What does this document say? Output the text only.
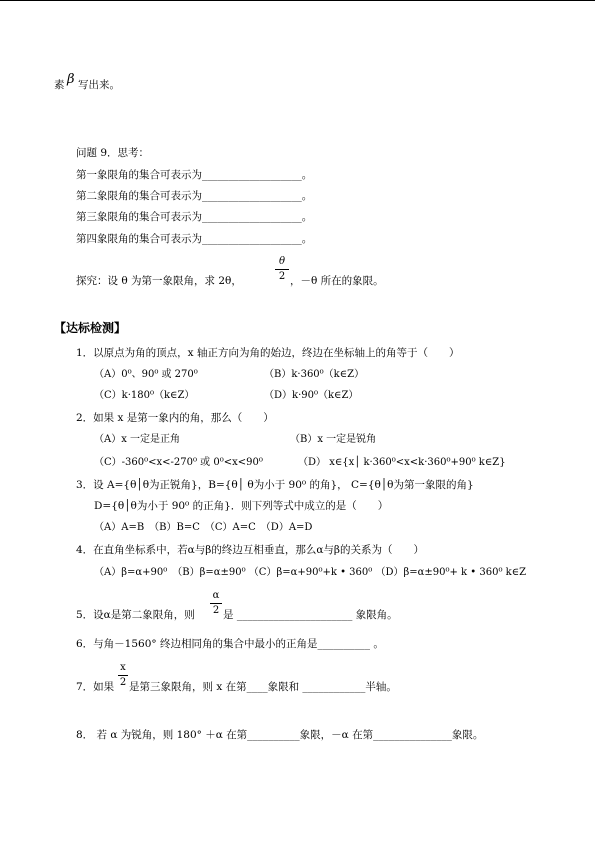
素 β 写出来。
问题 9．思考：
第一象限角的集合可表示为___________________。
第二象限角的集合可表示为___________________。
第三象限角的集合可表示为___________________。
第四象限角的集合可表示为___________________。
探究：设 θ 为第一象限角，求 2θ，
θ
2 ，－θ 所在的象限。
【达标检测】
1．以原点为角的顶点，x 轴正方向为角的始边，终边在坐标轴上的角等于（　　）
（A）0⁰、90⁰ 或 270⁰	（B）k·360⁰（k∈Z）
（C）k·180⁰（k∈Z）	（D）k·90⁰（k∈Z）
2．如果 x 是第一象内的角，那么（　　）
（A）x 一定是正角	（B）x 一定是锐角
（C）-360⁰<x<-270⁰ 或 0⁰<x<90⁰	（D） x∈{x│ k·360⁰<x<k·360⁰+90⁰ k∈Z}
3．设 A={θ│θ为正锐角}，B={θ│ θ为小于 90⁰ 的角}， C={θ│θ为第一象限的角}
D={θ│θ为小于 90⁰ 的正角}．则下列等式中成立的是（　　）
（A）A=B　（B）B=C　（C）A=C　（D）A=D
4．在直角坐标系中，若α与β的终边互相垂直，那么α与β的关系为（　　）
（A）β=α+90⁰　（B）β=α±90⁰ （C）β=α+90⁰+k • 360⁰ （D）β=α±90⁰+ k • 360⁰ k∈Z
5．设α是第二象限角，则
α
2 是 ______________________ 象限角。
6．与角－1560° 终边相同角的集合中最小的正角是__________ 。
7．如果
x
2 是第三象限角，则 x 在第____象限和 ____________半轴。
8． 若 α 为锐角，则 180° ＋α 在第__________象限，－α 在第_______________象限。
